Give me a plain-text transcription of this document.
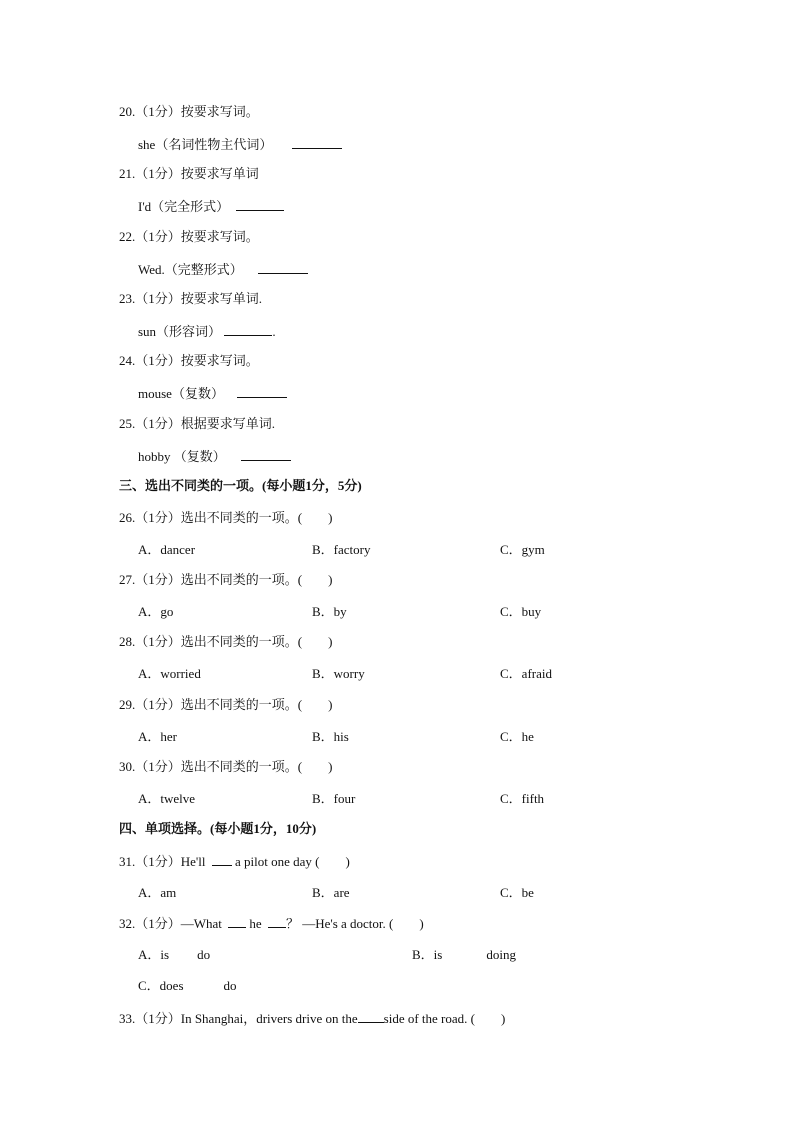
20.（1分）按要求写词。
she（名词性物主代词）
21.（1分）按要求写单词
I'd（完全形式）
22.（1分）按要求写词。
Wed.（完整形式）
23.（1分）按要求写单词.
sun（形容词）	.
24.（1分）按要求写词。
mouse（复数）
25.（1分）根据要求写单词.
hobby （复数）
三、选出不同类的一项。(每小题1分，5分)
26.（1分）选出不同类的一项。(　　)
A．dancer	B．factory	C．gym
27.（1分）选出不同类的一项。(　　)
A．go	B．by	C．buy
28.（1分）选出不同类的一项。(　　)
A．worried	B．worry	C．afraid
29.（1分）选出不同类的一项。(　　)
A．her	B．his	C．he
30.（1分）选出不同类的一项。(　　)
A．twelve	B．four	C．fifth
四、单项选择。(每小题1分，10分)
31.（1分）He'll a pilot one day (　　)
A．am	B．are	C．be
32.（1分）—What he ？ —He's a doctor. (　　)
A．is do	B．is	doing
C．does	do
33.（1分）In Shanghai，drivers drive on the side of the road. (　　)
